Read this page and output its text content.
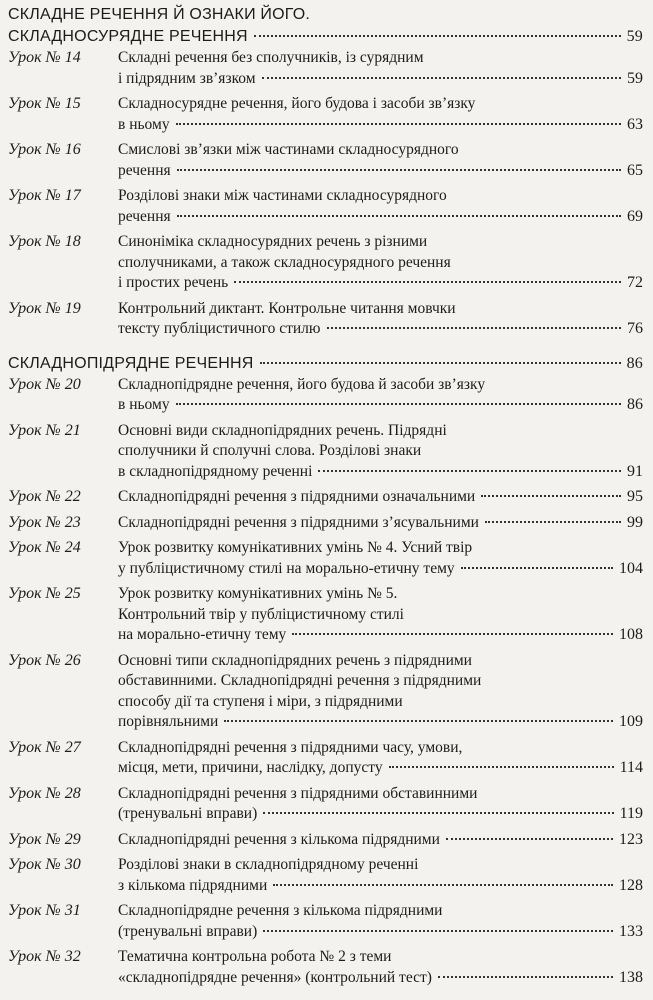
СКЛАДНЕ РЕЧЕННЯ Й ОЗНАКИ ЙОГО.
СКЛАДНОСУРЯДНЕ РЕЧЕННЯ	59
Урок № 14	Складні речення без сполучників, із сурядним
і підрядним зв’язком	59
Урок № 15	Складносурядне речення, його будова і засоби зв’язку
в ньому	63
Урок № 16	Смислові зв’язки між частинами складносурядного
речення	65
Урок № 17	Розділові знаки між частинами складносурядного
речення	69
Урок № 18	Синоніміка складносурядних речень з різними
сполучниками, а також складносурядного речення
і простих речень	72
Урок № 19	Контрольний диктант. Контрольне читання мовчки
тексту публіцистичного стилю	76
СКЛАДНОПІДРЯДНЕ РЕЧЕННЯ	86
Урок № 20	Складнопідрядне речення, його будова й засоби зв’язку
в ньому	86
Урок № 21	Основні види складнопідрядних речень. Підрядні
сполучники й сполучні слова. Розділові знаки
в складнопідрядному реченні	91
Урок № 22	Складнопідрядні речення з підрядними означальними	95
Урок № 23	Складнопідрядні речення з підрядними з’ясувальними	99
Урок № 24	Урок розвитку комунікативних умінь № 4. Усний твір
у публіцистичному стилі на морально-етичну тему	104
Урок № 25	Урок розвитку комунікативних умінь № 5.
Контрольний твір у публіцистичному стилі
на морально-етичну тему	108
Урок № 26	Основні типи складнопідрядних речень з підрядними
обставинними. Складнопідрядні речення з підрядними
способу дії та ступеня і міри, з підрядними
порівняльними	109
Урок № 27	Складнопідрядні речення з підрядними часу, умови,
місця, мети, причини, наслідку, допусту	114
Урок № 28	Складнопідрядні речення з підрядними обставинними
(тренувальні вправи)	119
Урок № 29	Складнопідрядні речення з кількома підрядними	123
Урок № 30	Розділові знаки в складнопідрядному реченні
з кількома підрядними	128
Урок № 31	Складнопідрядне речення з кількома підрядними
(тренувальні вправи)	133
Урок № 32	Тематична контрольна робота № 2 з теми
«складнопідрядне речення» (контрольний тест)	138
